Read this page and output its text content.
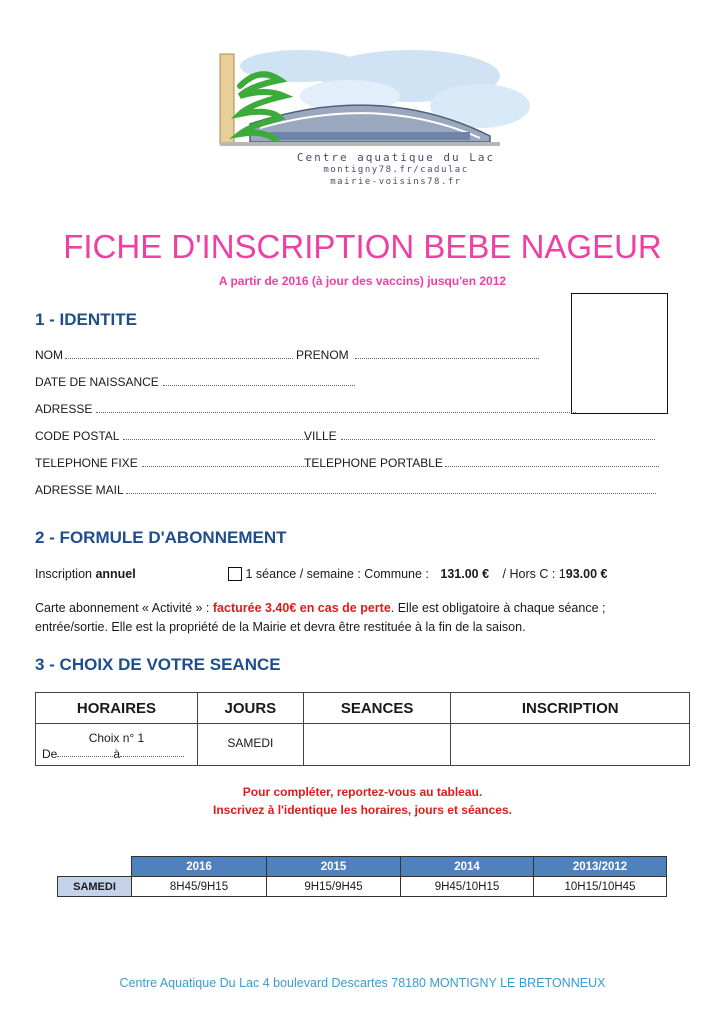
Centre aquatique du Lac
montigny78.fr/cadulac
mairie-voisins78.fr
FICHE D'INSCRIPTION BEBE NAGEUR
A partir de 2016 (à jour des vaccins) jusqu'en 2012
1 - IDENTITE
NOM	PRENOM
DATE DE NAISSANCE
ADRESSE
CODE POSTAL	VILLE
TELEPHONE FIXE	TELEPHONE PORTABLE
ADRESSE MAIL
2 - FORMULE D'ABONNEMENT
Inscription annuel	1 séance / semaine : Commune : 131.00 € / Hors C : 193.00 €
Carte abonnement « Activité » : facturée 3.40€ en cas de perte. Elle est obligatoire à chaque séance ;
entrée/sortie. Elle est la propriété de la Mairie et devra être restituée à la fin de la saison.
3 - CHOIX DE VOTRE SEANCE
HORAIRES	JOURS	SEANCES	INSCRIPTION

Choix n° 1
De à	SAMEDI		
Pour compléter, reportez-vous au tableau.
Inscrivez à l'identique les horaires, jours et séances.
	2016	2015	2014	2013/2012
SAMEDI	8H45/9H15	9H15/9H45	9H45/10H15	10H15/10H45
Centre Aquatique Du Lac 4 boulevard Descartes 78180 MONTIGNY LE BRETONNEUX
